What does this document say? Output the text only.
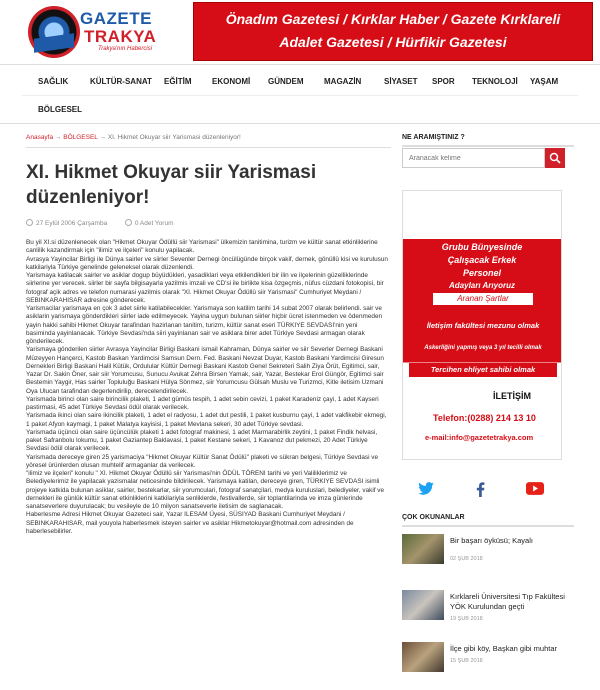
GAZETE
TRAKYA
Trakya'nın Habercisi
Önadım Gazetesi / Kırklar Haber / Gazete Kırklareli
Adalet Gazetesi / Hürfikir Gazetesi
SAĞLIK	KÜLTÜR-SANAT EĞİTİM	EKONOMİ GÜNDEM	MAGAZİN	SİYASET SPOR TEKNOLOJİ YAŞAM
BÖLGESEL
Anasayfa → BÖLGESEL → XI. Hikmet Okuyar siir Yarismasi düzenleniyor!
XI. Hikmet Okuyar siir Yarismasi düzenleniyor!
27 Eylül 2006 Çarşamba	0 Adet Yorum

Bu yil XI.si düzenlenecek olan "Hikmet Okuyar Ödüllü siir Yarismasi" ülkemizin tanitimina, turizm ve kültür sanat etkinliklerine canlilik kazandirmak için "ilimiz ve ilçeleri" konulu yapilacak.

Avrasya Yayincilar Birligi ile Dünya sairler ve siirler Sevenler Dernegi öncülügünde birçok vakif, dernek, gönüllü kisi ve kurulusun katkilariyla Türkiye genelinde geleneksel olarak düzenlendi.

Yarismaya katilacak sairler ve asiklar dogup büyüdükleri, yasadiklari veya etkilendikleri bir ilin ve ilçelerinin güzelliklerinde siirlerine yer verecek. siirler bir sayfa bilgisayarla yazilmis imzali ve CD'si ile birlikte kisa özgeçmis, nüfus cüzdani fotokopisi, bir fotograf açik adres ve telefon numarasi yazilmis olarak "XI. Hikmet Okuyar Ödüllü siir Yarismasi" Cumhuriyet Meydani / SEBINKARAHISAR adresine gönderecek.

Yarismacilar yarismaya en çok 3 adet siirle katilabilecekler. Yarismaya son katilim tarihi 14 subat 2007 olarak belirlendi. sair ve asiklarin yarismaya gönderdikleri siirler iade edilmeyecek. Yayina uygun bulunan siirler hiçbir ücret istenmeden ve ödenmeden yayin hakki sahibi Hikmet Okuyar tarafindan hazirlanan tanitim, turizm, kültür sanat eseri TÜRKIYE SEVDASI'nin yeni basiminda yayinlanacak. Türkiye Sevdasi'nda siiri yayinlanan sair ve asiklara birer adet Türkiye Sevdasi armagan olarak gönderilecek.

Yarismaya gönderilen siirler Avrasya Yayincilar Birligi Baskani ismail Kahraman, Dünya sairler ve siir Severler Dernegi Baskani Müzeyyen Hançerci, Kastob Baskan Yardimcisi Samsun Dern. Fed. Baskani Nevzat Duyar, Kastob Baskani Yardimcisi Giresun Dernekleri Birligi Baskani Halil Kütük, Ordulular Kültür Dernegi Baskani Kastob Genel Sekreteri Salih Ziya Örüt, Egitimci, sair, Yazar Dr. Sakin Öner, sair siir Yorumcusu, Sunucu Avukat Zehra Birsen Yamak, sair, Yazar, Bestekar Erol Güngör, Egitimci sair Bestemin Yaygir, Has sairler Topluluğu Baskani Hülya Sönmez, siir Yorumcusu Gülsah Muslu ve Turizmci, Kitle iletisim Uzmani Oya Ulucan tarafindan degerlendirilip, derecelendirilecek.

Yarismada birinci olan saire birincilik plaketi, 1 adet gümüs tespih, 1 adet sebin cevizi, 1 paket Karadeniz çayi, 1 adet Kayseri pastirmasi, 45 adet Türkiye Sevdasi ödül olarak verilecek.

Yarismada ikinci olan saire ikincilik plaketi, 1 adet el radyosu, 1 adet dut pestili, 1 paket kusburnu çayi, 1 adet vakfikebir ekmegi, 1 paket Afyon kaymagi, 1 paket Malatya kayisisi, 1 paket Mevlana sekeri, 30 adet Türkiye sevdasi.

Yarismada üçüncü olan saire üçüncülük plaketi 1 adet fotograf makinesi, 1 adet Marmarabirlik zeytini, 1 paket Findik helvasi, paket Safranbolu lokumu, 1 paket Gaziantep Baklavasi, 1 paket Kestane sekeri, 1 Kavanoz dut pekmezi, 20 Adet Türkiye Sevdasi ödül olarak verilecek.

Yarismada dereceye giren 25 yarismaciya "Hikmet Okuyar Kültür Sanat Ödülü" plaketi ve sükran belgesi, Türkiye Sevdasi ve yöresel ürünlerden olusan muhtelif armaganlar da verilecek.

"ilimiz ve ilçeleri" konulu " XI. Hikmet Okuyar Ödüllü siir Yarismasi'nin ÖDÜL TÖRENI tarihi ve yeri Valiliklerimiz ve Belediyelerimiz ile yapilacak yazismalar neticesinde bildirilecek. Yarismaya katilan, dereceye giren, TÜRKIYE SEVDASI isimli projeye katkida bulunan asiklar, sairler, bestekarlar, siir yorumculari, fotograf sanatçilari, medya kuruluslari, belediyeler, vakif ve dernekleri ile günlük kültür sanat etkinliklerini katkilariyla senliklerde, festivallerde, siir toplantilarinda ve imza günlerinde sanatseverlere duyurulacak; bu vesileyle de 10 milyon sanatseverle iletisim de saglanacak.

Haberlesme Adresi Hikmet Okuyar Gazeteci sair, Yazar ILESAM Üyesi, SÜSIYAD Baskani Cumhuriyet Meydani / SEBINKARAHISAR, mail youyola haberlesmek isteyen sairler ve asiklar Hikmetokuyar@hotmail.com adresinden de haberlesebilirler.

NE ARAMIŞTINIZ ?
Aranacak kelime
Önadım Medya
Grubu Bünyesinde
Çalışacak Erkek
Personel
Adayları Arıyoruz
Aranan Şartlar
İletişim fakültesi mezunu olmak
Askerliğini yapmış veya 3 yıl tecilli olmak
Tercihen ehliyet sahibi olmak
İLETİŞİM
Telefon:(0288) 214 13 10
e-mail:info@gazetetrakya.com
ÇOK OKUNANLAR
Bir başarı öyküsü; Kayalı
02 ŞUB 2018
Kırklareli Üniversitesi Tıp Fakültesi YÖK Kurulundan geçti
19 ŞUB 2018
İlçe gibi köy, Başkan gibi muhtar
15 ŞUB 2018
